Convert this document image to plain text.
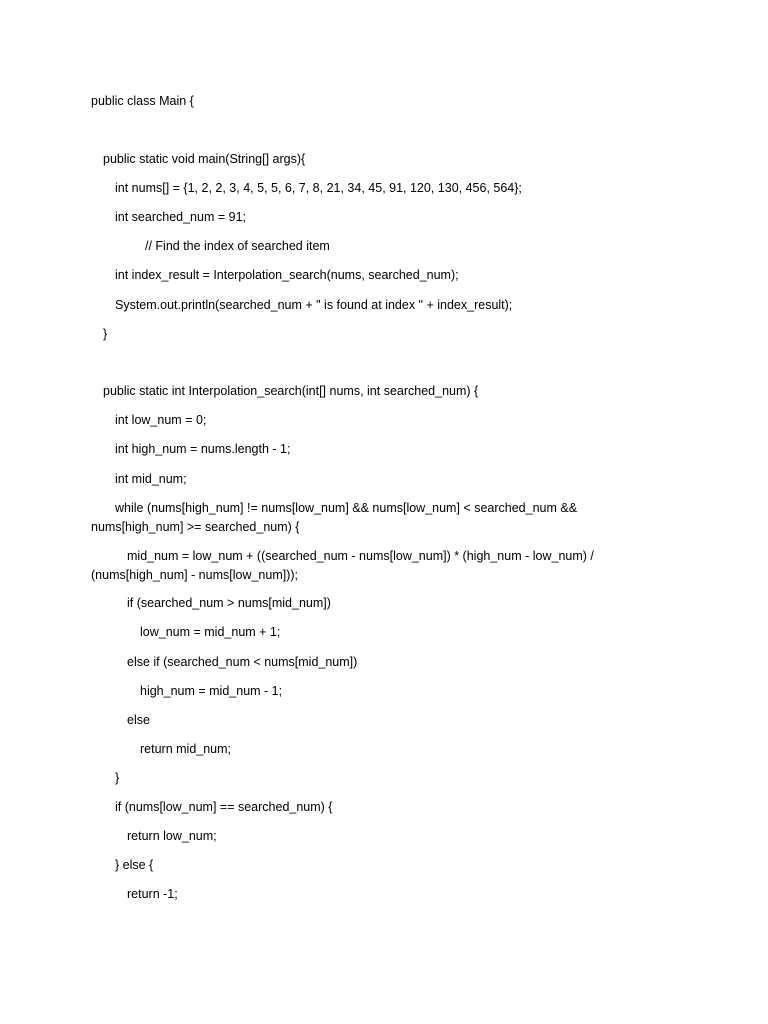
public class Main {
public static void main(String[] args){
int nums[] = {1, 2, 2, 3, 4, 5, 5, 6, 7, 8, 21, 34, 45, 91, 120, 130, 456, 564};
int searched_num = 91;
// Find the index of searched item
int index_result = Interpolation_search(nums, searched_num);
System.out.println(searched_num + " is found at index " + index_result);
}
public static int Interpolation_search(int[] nums, int searched_num) {
int low_num = 0;
int high_num = nums.length - 1;
int mid_num;
while (nums[high_num] != nums[low_num] && nums[low_num] < searched_num &&
nums[high_num] >= searched_num) {
mid_num = low_num + ((searched_num - nums[low_num]) * (high_num - low_num) /
(nums[high_num] - nums[low_num]));
if (searched_num > nums[mid_num])
low_num = mid_num + 1;
else if (searched_num < nums[mid_num])
high_num = mid_num - 1;
else
return mid_num;
}
if (nums[low_num] == searched_num) {
return low_num;
} else {
return -1;
